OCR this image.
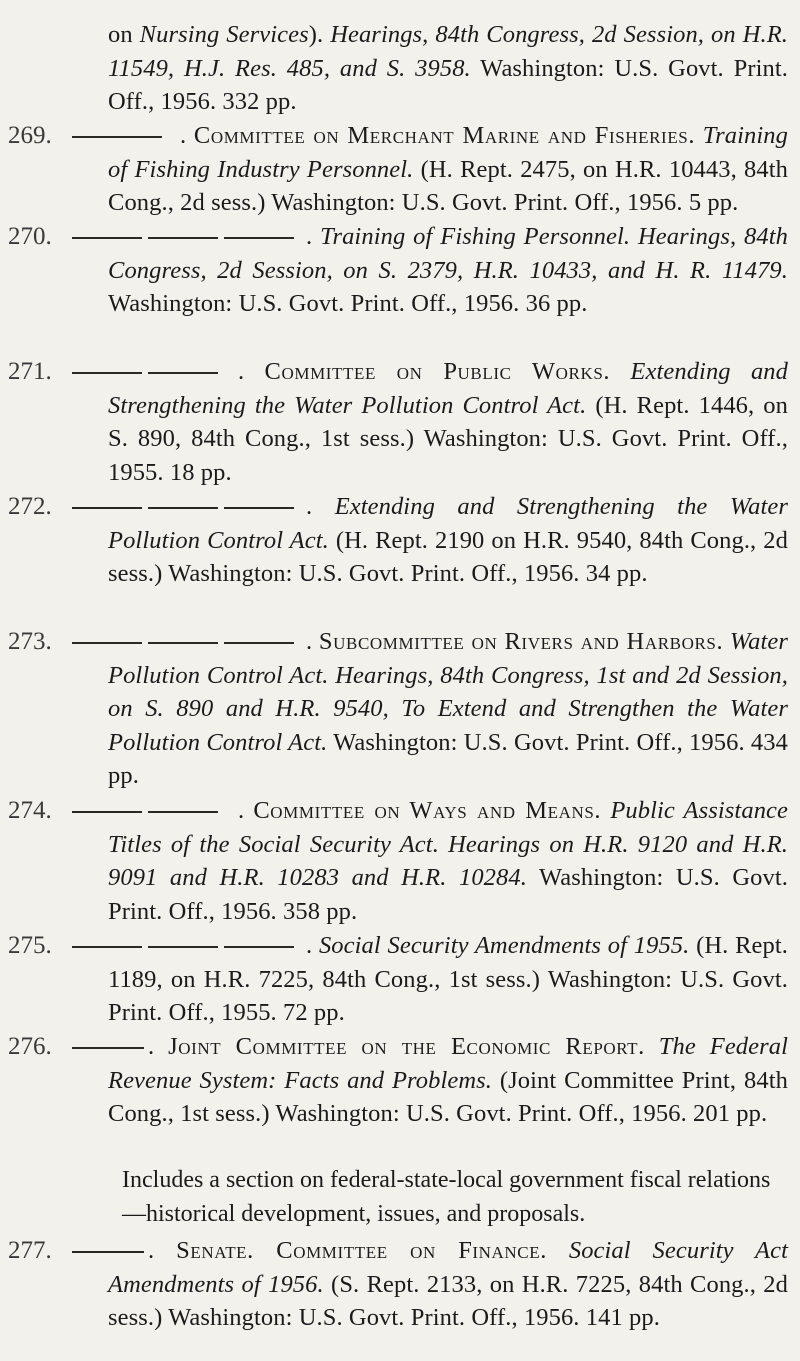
on Nursing Services). Hearings, 84th Congress, 2d Session, on H.R. 11549, H.J. Res. 485, and S. 3958. Washington: U.S. Govt. Print. Off., 1956. 332 pp.
269.	. Committee on Merchant Marine and Fisheries. Training of Fishing Industry Personnel. (H. Rept. 2475, on H.R. 10443, 84th Cong., 2d sess.) Washington: U.S. Govt. Print. Off., 1956. 5 pp.
270.	. Training of Fishing Personnel. Hearings, 84th Congress, 2d Session, on S. 2379, H.R. 10433, and H. R. 11479. Washington: U.S. Govt. Print. Off., 1956. 36 pp.
271.	. Committee on Public Works. Extending and Strengthening the Water Pollution Control Act. (H. Rept. 1446, on S. 890, 84th Cong., 1st sess.) Washington: U.S. Govt. Print. Off., 1955. 18 pp.
272.	. Extending and Strengthening the Water Pollution Control Act. (H. Rept. 2190 on H.R. 9540, 84th Cong., 2d sess.) Washington: U.S. Govt. Print. Off., 1956. 34 pp.
273.	. Subcommittee on Rivers and Harbors. Water Pollution Control Act. Hearings, 84th Congress, 1st and 2d Session, on S. 890 and H.R. 9540, To Extend and Strengthen the Water Pollution Control Act. Washington: U.S. Govt. Print. Off., 1956. 434 pp.
274.	. Committee on Ways and Means. Public Assistance Titles of the Social Security Act. Hearings on H.R. 9120 and H.R. 9091 and H.R. 10283 and H.R. 10284. Washington: U.S. Govt. Print. Off., 1956. 358 pp.
275.	. Social Security Amendments of 1955. (H. Rept. 1189, on H.R. 7225, 84th Cong., 1st sess.) Washington: U.S. Govt. Print. Off., 1955. 72 pp.
276.	. Joint Committee on the Economic Report. The Federal Revenue System: Facts and Problems. (Joint Committee Print, 84th Cong., 1st sess.) Washington: U.S. Govt. Print. Off., 1956. 201 pp.
Includes a section on federal-state-local government fiscal relations—historical development, issues, and proposals.
277.	. Senate. Committee on Finance. Social Security Act Amendments of 1956. (S. Rept. 2133, on H.R. 7225, 84th Cong., 2d sess.) Washington: U.S. Govt. Print. Off., 1956. 141 pp.
